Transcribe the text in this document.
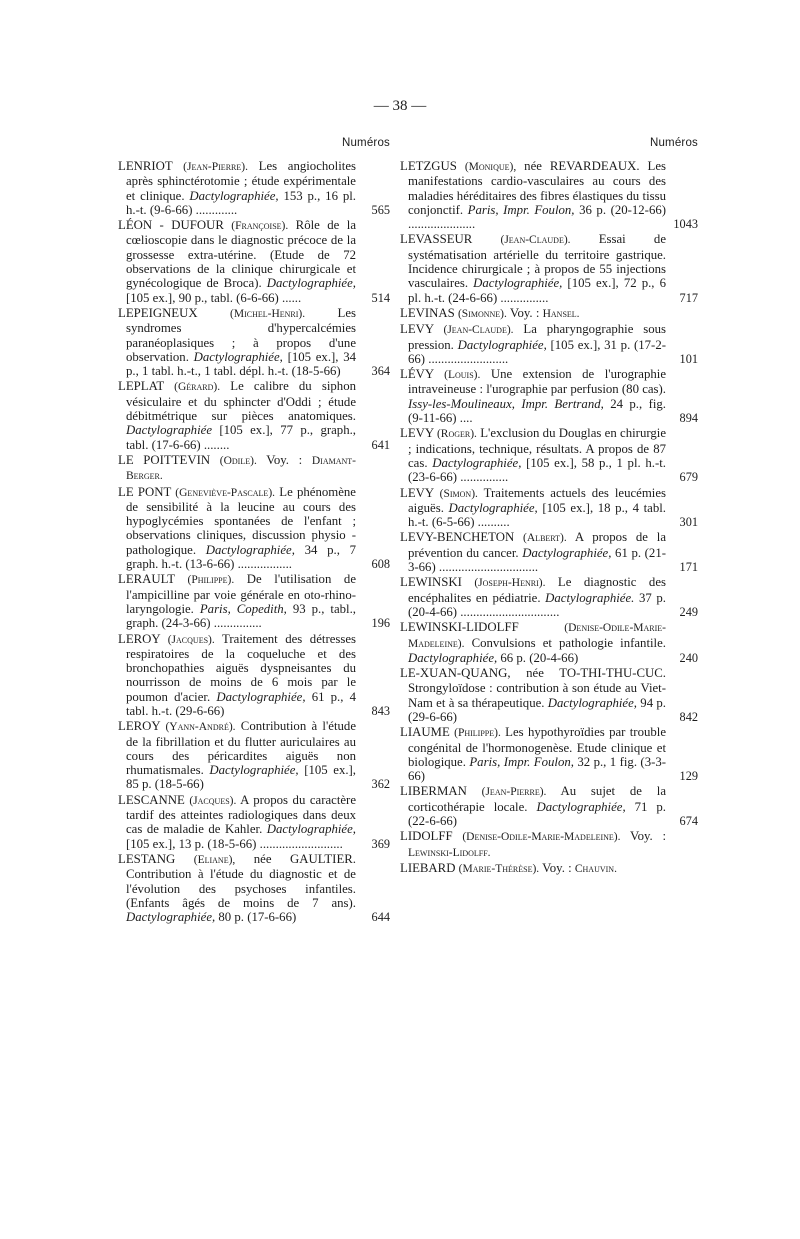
— 38 —
Numéros
LENRIOT (Jean-Pierre). Les angiocholites après sphinctérotomie ; étude expérimentale et clinique. Dactylographiée, 153 p., 16 pl. h.-t. (9-6-66) .............	565
LÉON - DUFOUR (Françoise). Rôle de la cœlioscopie dans le diagnostic précoce de la grossesse extra-utérine. (Etude de 72 observations de la clinique chirurgicale et gynécologique de Broca). Dactylographiée, [105 ex.], 90 p., tabl. (6-6-66) ......	514
LEPEIGNEUX	(Michel-Henri). Les syndromes d'hypercalcémies paranéoplasiques ; à propos d'une observation. Dactylographiée, [105 ex.], 34 p., 1 tabl. h.-t., 1 tabl. dépl. h.-t. (18-5-66)	364
LEPLAT (Gérard). Le calibre du siphon vésiculaire et du sphincter d'Oddi ; étude débitmétrique sur pièces anatomiques. Dactylographiée [105 ex.], 77 p., graph., tabl. (17-6-66) ........	641
LE POITTEVIN (Odile). Voy. : Diamant-Berger.
LE PONT (Geneviève-Pascale). Le phénomène de sensibilité à la leucine au cours des hypoglycémies spontanées de l'enfant ; observations cliniques, discussion physio - pathologique. Dactylographiée, 34 p., 7 graph. h.-t. (13-6-66) .................	608
LERAULT (Philippe). De l'utilisation de l'ampicilline par voie générale en oto-rhino-laryngologie. Paris, Copedith, 93 p., tabl., graph. (24-3-66) ...............	196
LEROY (Jacques). Traitement des détresses respiratoires de la coqueluche et des bronchopathies aiguës dyspneisantes du nourrisson de moins de 6 mois par le poumon d'acier. Dactylographiée, 61 p., 4 tabl. h.-t. (29-6-66)	843
LEROY (Yann-André). Contribution à l'étude de la fibrillation et du flutter auriculaires au cours des péricardites aiguës non rhumatismales. Dactylographiée, [105 ex.], 85 p. (18-5-66)	362
LESCANNE (Jacques). A propos du caractère tardif des atteintes radiologiques dans deux cas de maladie de Kahler. Dactylographiée, [105 ex.], 13 p. (18-5-66) ..........................	369
LESTANG (Eliane), née GAULTIER. Contribution à l'étude du diagnostic et de l'évolution des psychoses infantiles. (Enfants âgés de moins de 7 ans). Dactylographiée, 80 p. (17-6-66)	644
Numéros
LETZGUS (Monique), née REVARDEAUX. Les manifestations cardio-vasculaires au cours des maladies héréditaires des fibres élastiques du tissu conjonctif. Paris, Impr. Foulon, 36 p. (20-12-66) .....................	1043
LEVASSEUR (Jean-Claude). Essai de systématisation artérielle du territoire gastrique. Incidence chirurgicale ; à propos de 55 injections vasculaires. Dactylographiée, [105 ex.], 72 p., 6 pl. h.-t. (24-6-66) ...............	717
LEVINAS (Simonne). Voy. : Hansel.
LEVY (Jean-Claude). La pharyngographie sous pression. Dactylographiée, [105 ex.], 31 p. (17-2-66) .........................	101
LÉVY (Louis). Une extension de l'urographie intraveineuse : l'urographie par perfusion (80 cas). Issy-les-Moulineaux, Impr. Bertrand, 24 p., fig. (9-11-66) ....	894
LEVY (Roger). L'exclusion du Douglas en chirurgie ; indications, technique, résultats. A propos de 87 cas. Dactylographiée, [105 ex.], 58 p., 1 pl. h.-t. (23-6-66) ...............	679
LEVY (Simon). Traitements actuels des leucémies aiguës. Dactylographiée, [105 ex.], 18 p., 4 tabl. h.-t. (6-5-66) ..........	301
LEVY-BENCHETON (Albert). A propos de la prévention du cancer. Dactylographiée, 61 p. (21-3-66) ...............................	171
LEWINSKI (Joseph-Henri). Le diagnostic des encéphalites en pédiatrie. Dactylographiée. 37 p. (20-4-66) ...............................	249
LEWINSKI-LIDOLFF	(Denise-Odile-Marie-Madeleine). Convulsions et pathologie infantile. Dactylographiée, 66 p. (20-4-66)	240
LE-XUAN-QUANG, née TO-THI-THU-CUC. Strongyloïdose : contribution à son étude au Viet-Nam et à sa thérapeutique. Dactylographiée, 94 p. (29-6-66)	842
LIAUME (Philippe). Les hypothyroïdies par trouble congénital de l'hormonogenèse. Etude clinique et biologique. Paris, Impr. Foulon, 32 p., 1 fig. (3-3-66)	129
LIBERMAN (Jean-Pierre). Au sujet de la corticothérapie locale. Dactylographiée, 71 p. (22-6-66)	674
LIDOLFF (Denise-Odile-Marie-Madeleine). Voy. : Lewinski-Lidolff.
LIEBARD (Marie-Thérèse). Voy. : Chauvin.
